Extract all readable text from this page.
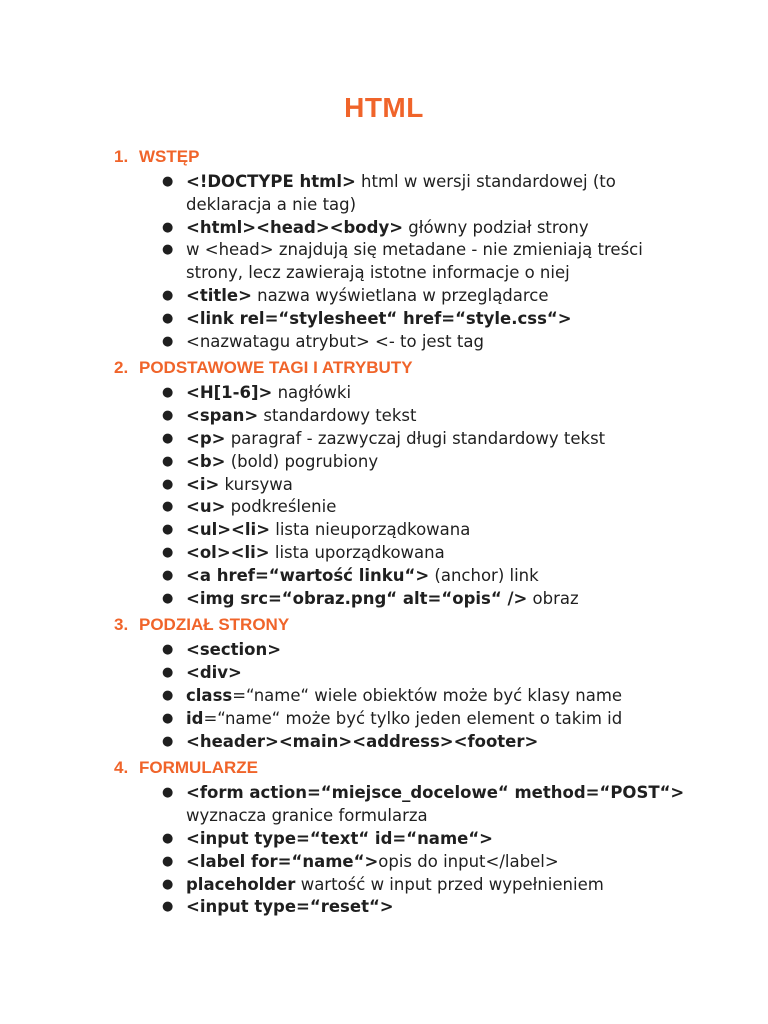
HTML
1. WSTĘP
● <!DOCTYPE html> html w wersji standardowej (to deklaracja a nie tag)
● <html><head><body> główny podział strony
● w <head> znajdują się metadane - nie zmieniają treści strony, lecz zawierają istotne informacje o niej
● <title> nazwa wyświetlana w przeglądarce
● <link rel=“stylesheet“ href=“style.css“>
● <nazwatagu atrybut> <- to jest tag
2. PODSTAWOWE TAGI I ATRYBUTY
● <H[1-6]> nagłówki
● <span> standardowy tekst
● <p> paragraf - zazwyczaj długi standardowy tekst
● <b> (bold) pogrubiony
● <i> kursywa
● <u> podkreślenie
● <ul><li> lista nieuporządkowana
● <ol><li> lista uporządkowana
● <a href=“wartość linku“> (anchor) link
● <img src=“obraz.png“ alt=“opis“ /> obraz
3. PODZIAŁ STRONY
● <section>
● <div>
● class=“name“ wiele obiektów może być klasy name
● id=“name“ może być tylko jeden element o takim id
● <header><main><address><footer>
4. FORMULARZE
● <form action=“miejsce_docelowe“ method=“POST“>
wyznacza granice formularza
● <input type=“text“ id=“name“>
● <label for=“name“>opis do input</label>
● placeholder wartość w input przed wypełnieniem
● <input type=“reset“>
